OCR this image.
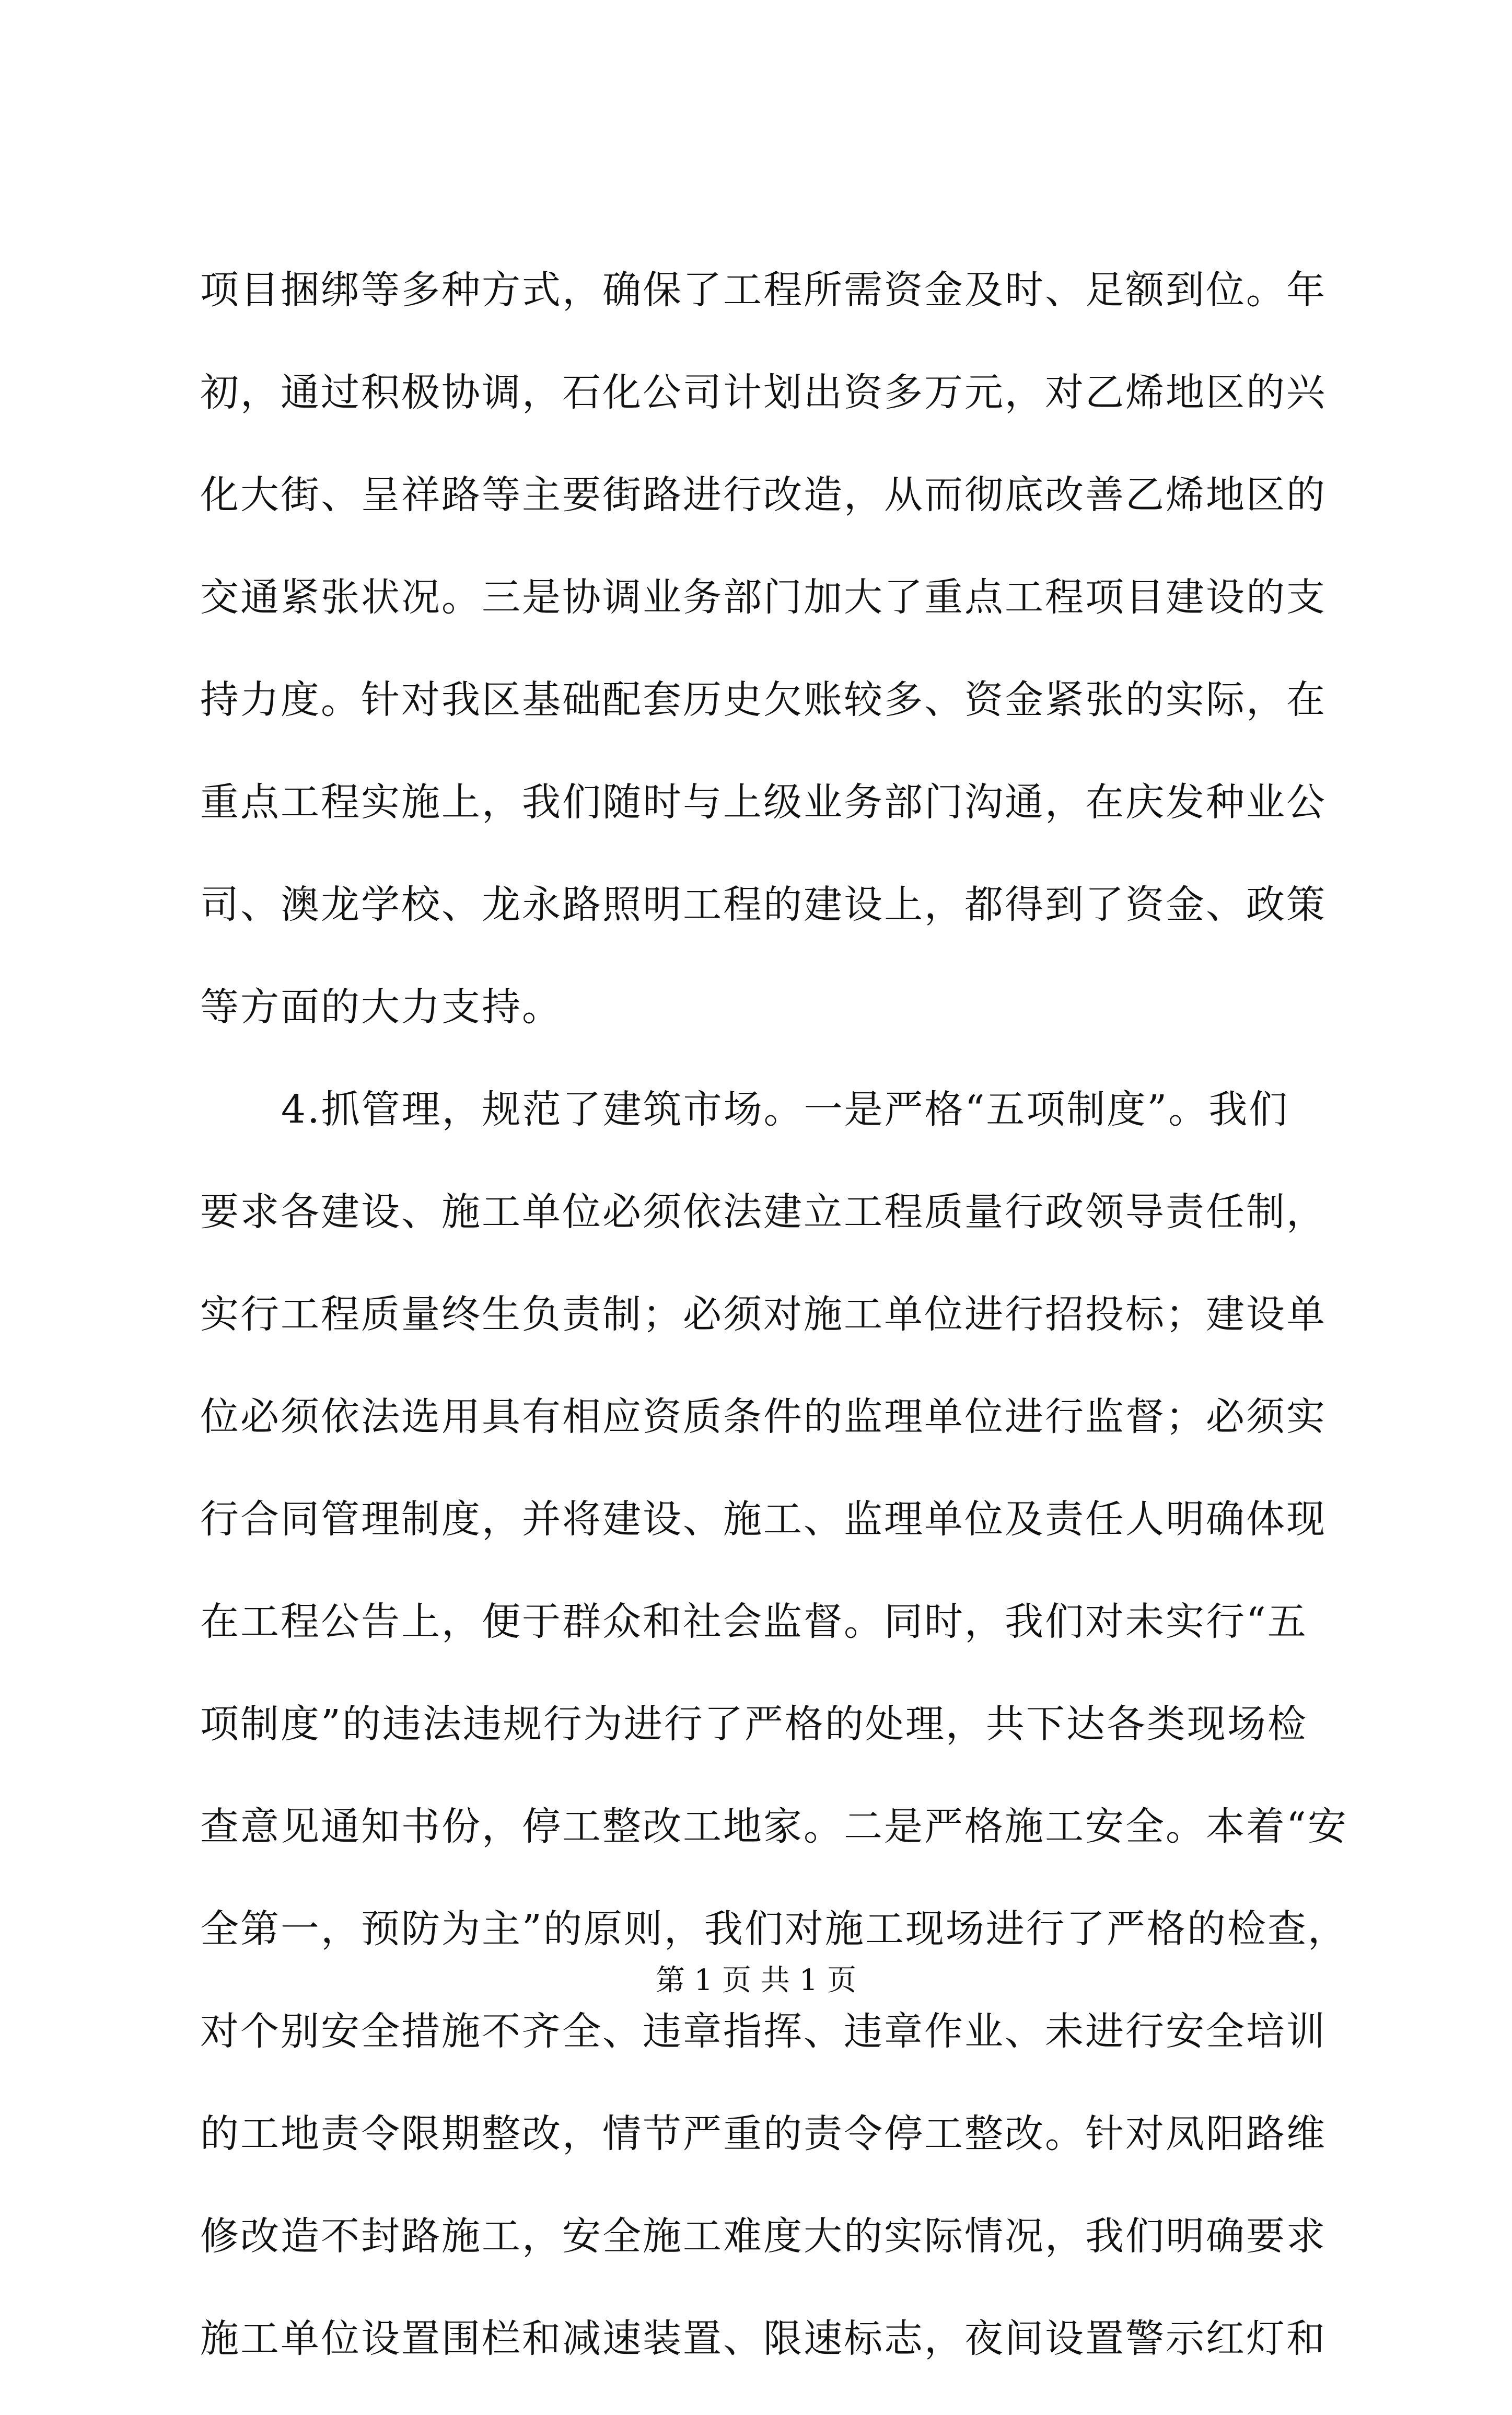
项目捆绑等多种方式，确保了工程所需资金及时、足额到位。年
初，通过积极协调，石化公司计划出资多万元，对乙烯地区的兴
化大街、呈祥路等主要街路进行改造，从而彻底改善乙烯地区的
交通紧张状况。三是协调业务部门加大了重点工程项目建设的支
持力度。针对我区基础配套历史欠账较多、资金紧张的实际，在
重点工程实施上，我们随时与上级业务部门沟通，在庆发种业公
司、澳龙学校、龙永路照明工程的建设上，都得到了资金、政策
等方面的大力支持。
4.抓管理，规范了建筑市场。一是严格“五项制度”。我们
要求各建设、施工单位必须依法建立工程质量行政领导责任制，
实行工程质量终生负责制；必须对施工单位进行招投标；建设单
位必须依法选用具有相应资质条件的监理单位进行监督；必须实
行合同管理制度，并将建设、施工、监理单位及责任人明确体现
在工程公告上，便于群众和社会监督。同时，我们对未实行“五
项制度”的违法违规行为进行了严格的处理，共下达各类现场检
查意见通知书份，停工整改工地家。二是严格施工安全。本着“安
全第一，预防为主”的原则，我们对施工现场进行了严格的检查，
对个别安全措施不齐全、违章指挥、违章作业、未进行安全培训
的工地责令限期整改，情节严重的责令停工整改。针对凤阳路维
修改造不封路施工，安全施工难度大的实际情况，我们明确要求
施工单位设置围栏和减速装置、限速标志，夜间设置警示红灯和
第 1 页 共 1 页
